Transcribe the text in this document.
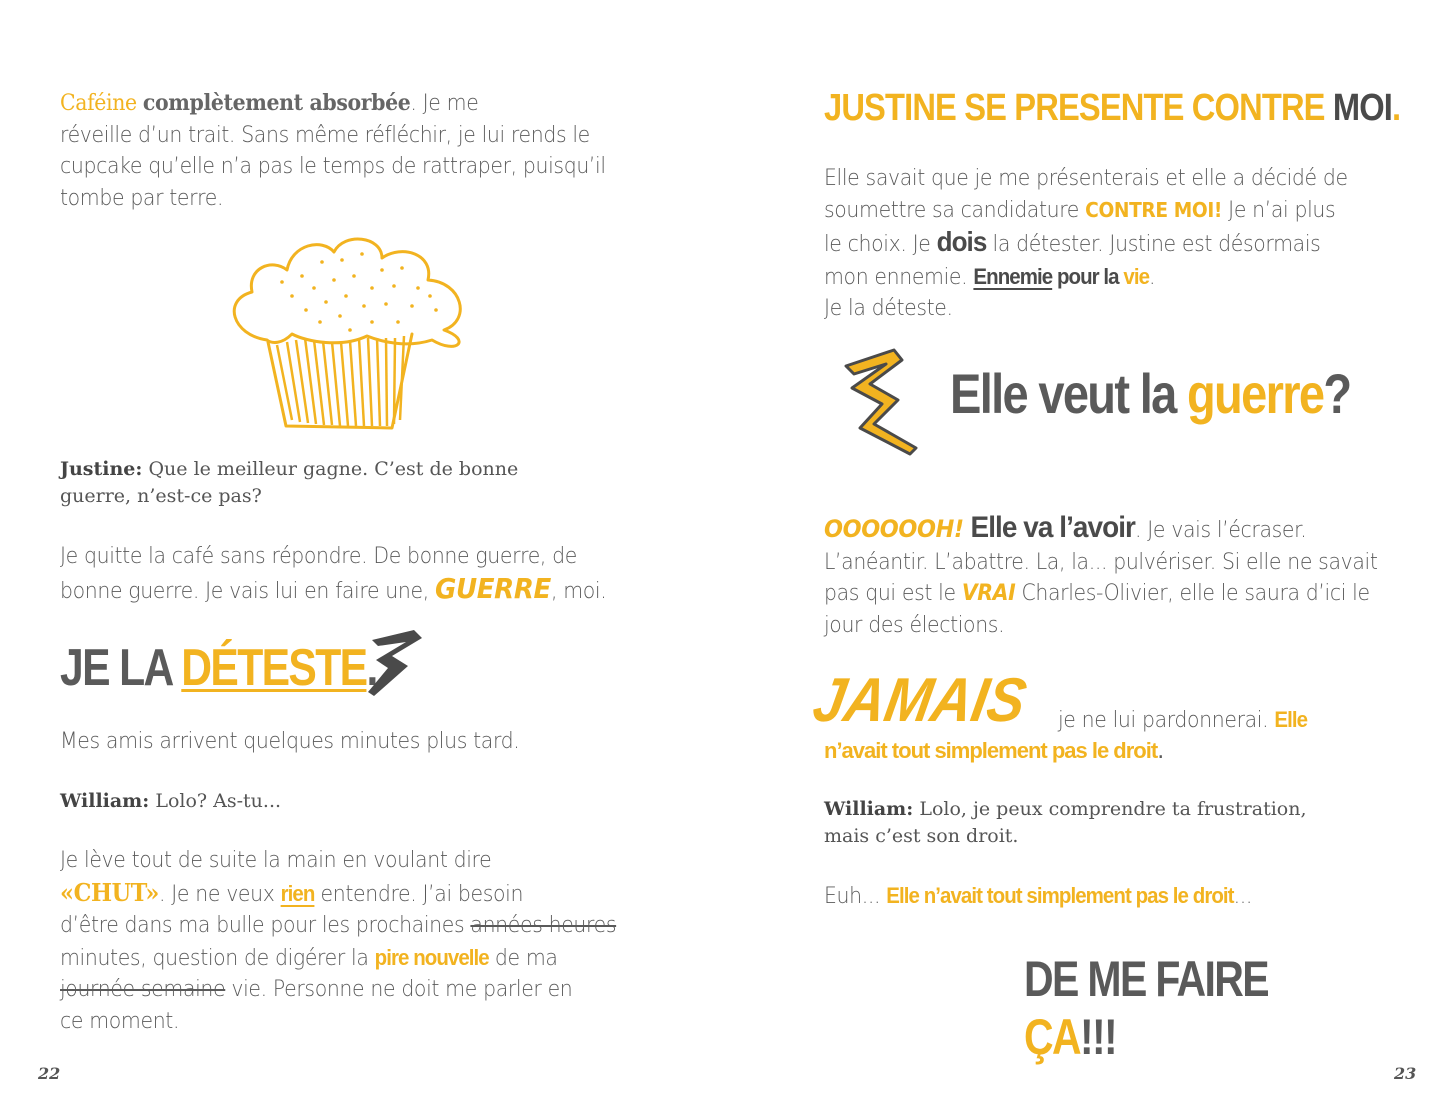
Caféine complètement absorbée. Je me
réveille d’un trait. Sans même réfléchir, je lui rends le
cupcake qu’elle n’a pas le temps de rattraper, puisqu’il
tombe par terre.

Justine: Que le meilleur gagne. C’est de bonne
guerre, n’est-ce pas?

Je quitte la café sans répondre. De bonne guerre, de
bonne guerre. Je vais lui en faire une, GUERRE, moi.

JE LA DÉTESTE.

Mes amis arrivent quelques minutes plus tard.

William: Lolo? As-tu...

Je lève tout de suite la main en voulant dire
«CHUT». Je ne veux rien entendre. J’ai besoin
d’être dans ma bulle pour les prochaines années heures
minutes, question de digérer la pire nouvelle de ma
journée semaine vie. Personne ne doit me parler en
ce moment.

22
JUSTINE SE PRESENTE CONTRE MOI.

Elle savait que je me présenterais et elle a décidé de
soumettre sa candidature CONTRE MOI! Je n’ai plus
le choix. Je dois la détester. Justine est désormais
mon ennemie. Ennemie pour la vie.
Je la déteste.

Elle veut la guerre?

OOOOOOH! Elle va l’avoir. Je vais l’écraser.
L’anéantir. L’abattre. La, la... pulvériser. Si elle ne savait
pas qui est le VRAI Charles-Olivier, elle le saura d’ici le
jour des élections.

JAMAIS je ne lui pardonnerai. Elle

n’avait tout simplement pas le droit.

William: Lolo, je peux comprendre ta frustration,
mais c’est son droit.

Euh... Elle n’avait tout simplement pas le droit...

DE ME FAIRE ÇA!!!
23
